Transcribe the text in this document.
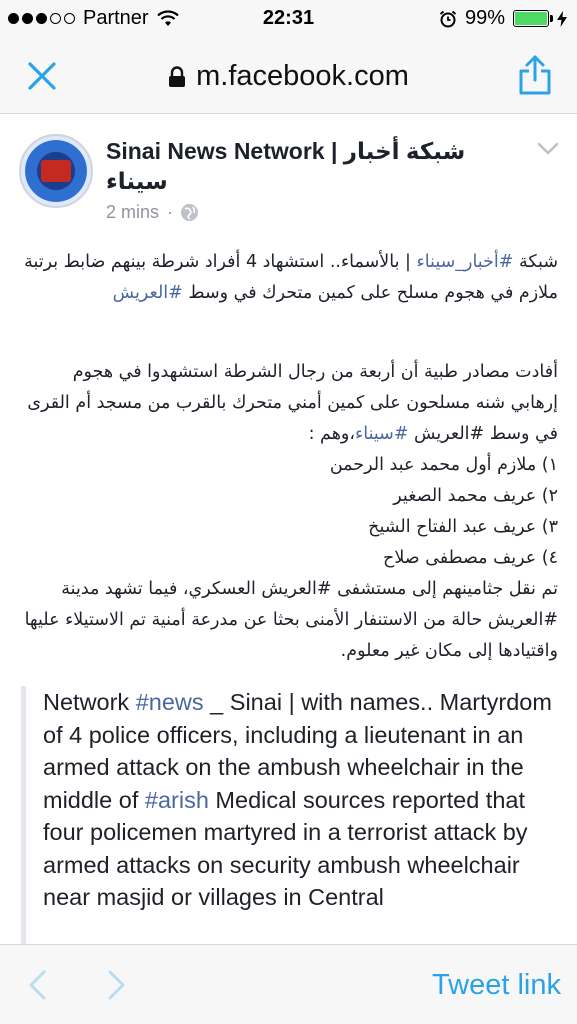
Partner	22:31	99%
m.facebook.com
Sinai News Network | شبكة أخبار
سيناء
2 mins ·

شبكة #أخبار_سيناء | بالأسماء.. استشهاد 4 أفراد شرطة بينهم ضابط برتبة ملازم في هجوم مسلح على كمين متحرك في وسط #العريش

أفادت مصادر طبية أن أربعة من رجال الشرطة استشهدوا في هجوم إرهابي شنه مسلحون على كمين أمني متحرك بالقرب من مسجد أم القرى في وسط #العريش #سيناء،وهم :

١) ملازم أول محمد عبد الرحمن
٢) عريف محمد الصغير
٣) عريف عبد الفتاح الشيخ
٤) عريف مصطفى صلاح

تم نقل جثامينهم إلى مستشفى #العريش العسكري، فيما تشهد مدينة #العريش حالة من الاستنفار الأمنى بحثا عن مدرعة أمنية تم الاستيلاء عليها واقتيادها إلى مكان غير معلوم.

Network #news _ Sinai | with names.. Martyrdom of 4 police officers, including a lieutenant in an armed attack on the ambush wheelchair in the middle of #arish Medical sources reported that four policemen martyred in a terrorist attack by armed attacks on security ambush wheelchair near masjid or villages in Central
Tweet link
